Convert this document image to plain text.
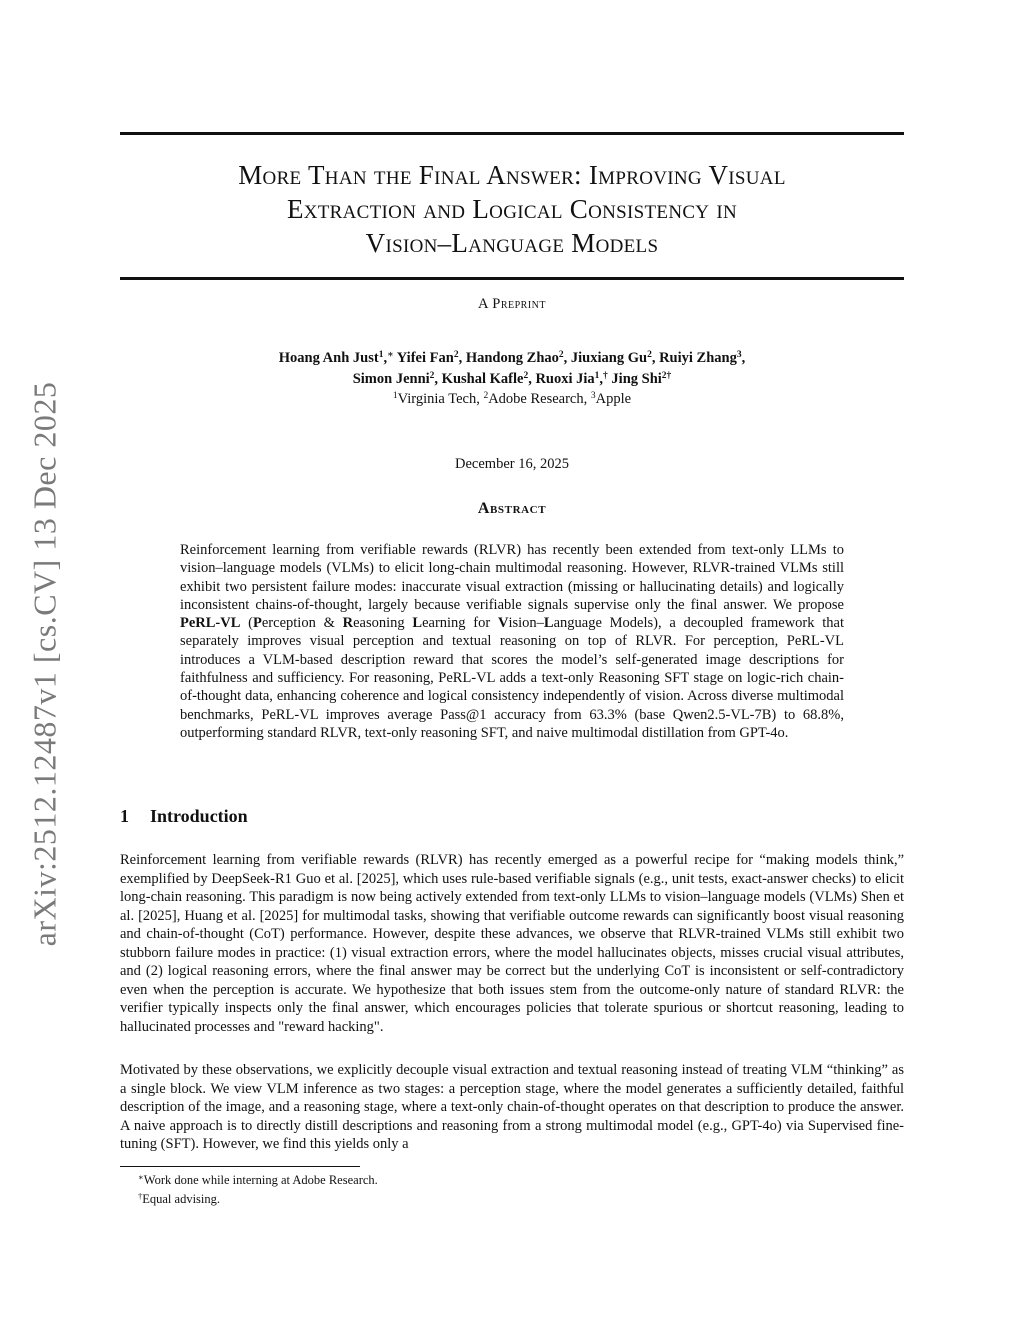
arXiv:2512.12487v1 [cs.CV] 13 Dec 2025
More Than the Final Answer: Improving Visual
Extraction and Logical Consistency in
Vision–Language Models
A Preprint
Hoang Anh Just$^1$,∗ Yifei Fan$^2$, Handong Zhao$^2$, Jiuxiang Gu$^2$, Ruiyi Zhang$^3$,
Simon Jenni$^2$, Kushal Kafle$^2$, Ruoxi Jia$^1$,† Jing Shi$^{2\dagger}$
$^1$Virginia Tech, $^2$Adobe Research, $^3$Apple
December 16, 2025
Abstract

Reinforcement learning from verifiable rewards (RLVR) has recently been extended from text-only LLMs to vision–language models (VLMs) to elicit long-chain multimodal reasoning. However, RLVR-trained VLMs still exhibit two persistent failure modes: inaccurate visual extraction (missing or hallucinating details) and logically inconsistent chains-of-thought, largely because verifiable signals supervise only the final answer. We propose PeRL-VL (Perception & Reasoning Learning for Vision–Language Models), a decoupled framework that separately improves visual perception and textual reasoning on top of RLVR. For perception, PeRL-VL introduces a VLM-based description reward that scores the model’s self-generated image descriptions for faithfulness and sufficiency. For reasoning, PeRL-VL adds a text-only Reasoning SFT stage on logic-rich chain-of-thought data, enhancing coherence and logical consistency independently of vision. Across diverse multimodal benchmarks, PeRL-VL improves average Pass@1 accuracy from 63.3% (base Qwen2.5-VL-7B) to 68.8%, outperforming standard RLVR, text-only reasoning SFT, and naive multimodal distillation from GPT-4o.

1 Introduction

Reinforcement learning from verifiable rewards (RLVR) has recently emerged as a powerful recipe for “making models think,” exemplified by DeepSeek-R1 Guo et al. [2025], which uses rule-based verifiable signals (e.g., unit tests, exact-answer checks) to elicit long-chain reasoning. This paradigm is now being actively extended from text-only LLMs to vision–language models (VLMs) Shen et al. [2025], Huang et al. [2025] for multimodal tasks, showing that verifiable outcome rewards can significantly boost visual reasoning and chain-of-thought (CoT) performance. However, despite these advances, we observe that RLVR-trained VLMs still exhibit two stubborn failure modes in practice: (1) visual extraction errors, where the model hallucinates objects, misses crucial visual attributes, and (2) logical reasoning errors, where the final answer may be correct but the underlying CoT is inconsistent or self-contradictory even when the perception is accurate. We hypothesize that both issues stem from the outcome-only nature of standard RLVR: the verifier typically inspects only the final answer, which encourages policies that tolerate spurious or shortcut reasoning, leading to hallucinated processes and "reward hacking".

Motivated by these observations, we explicitly decouple visual extraction and textual reasoning instead of treating VLM “thinking” as a single block. We view VLM inference as two stages: a perception stage, where the model generates a sufficiently detailed, faithful description of the image, and a reasoning stage, where a text-only chain-of-thought operates on that description to produce the answer. A naive approach is to directly distill descriptions and reasoning from a strong multimodal model (e.g., GPT-4o) via Supervised fine-tuning (SFT). However, we find this yields only a

∗Work done while interning at Adobe Research.
†Equal advising.
